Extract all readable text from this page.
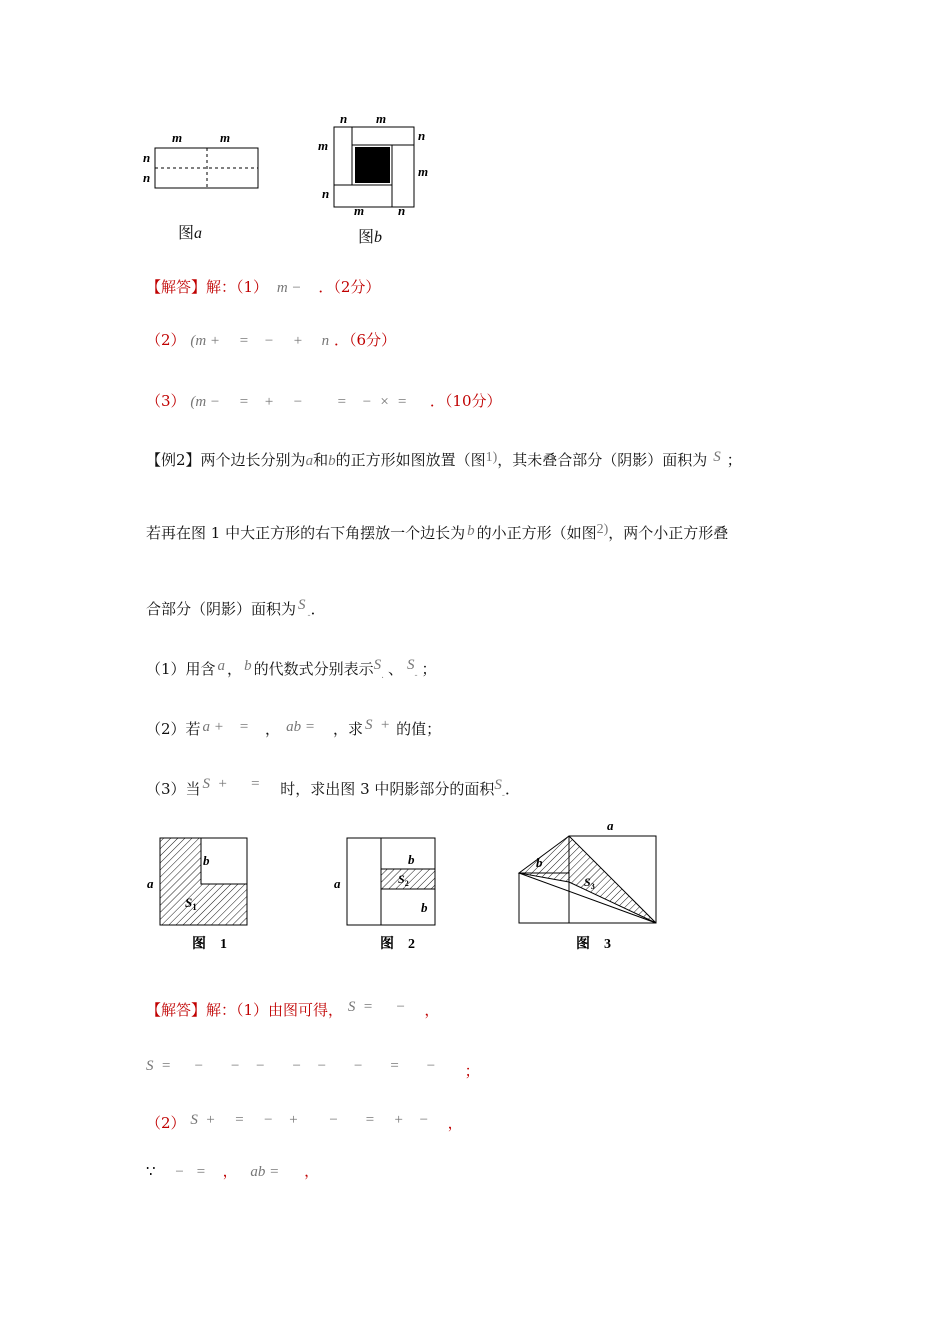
m	m
n
n
图a
n m
m
n
m
n
m	n
图b
【解答】解：（1） m − ．（2分）
（2） (m +     =    −     +     n ．（6分）
（3） (m −     =    +     −         =    −  ×  = ．（10分）
【例2】两个边长分别为a和b的正方形如图放置（图1)，其未叠合部分（阴影）面积为 S ；
若再在图 1 中大正方形的右下角摆放一个边长为 b 的小正方形（如图2)，两个小正方形叠
合部分（阴影）面积为 $S_-$．
（1）用含 a ， b 的代数式分别表示$S_.$ 、 $S_-$ ；
（2）若 a +    = ， ab = ，求 S  + 的值；
（3）当 S  +      = 时，求出图 3 中阴影部分的面积$S_-$．
a
b
$S_1$
图　1
a
b
b
$S_2$
图　2
a
b
$S_3$
图　3
【解答】解：（1）由图可得， S  =      − ，
S  =      −       −    −       −    −       −       =       − ；
（2） S  +     =     −    +        −       =     +    − ，
∵ −   = ， ab = ，
